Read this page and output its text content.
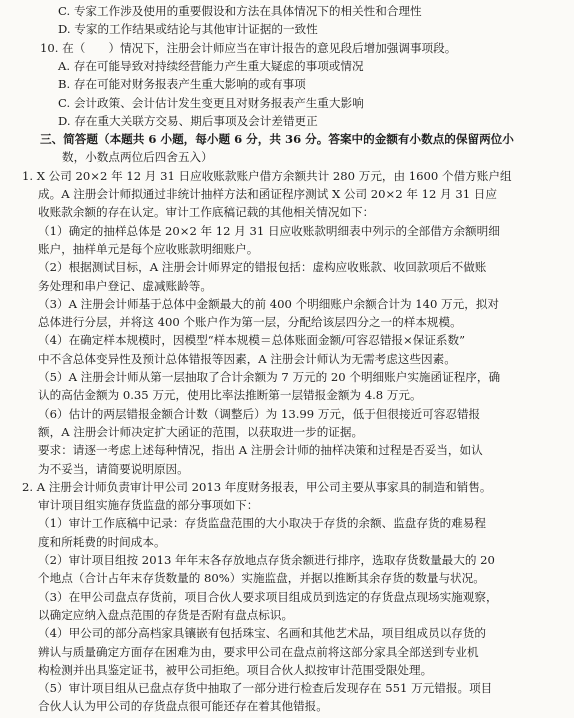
C. 专家工作涉及使用的重要假设和方法在具体情况下的相关性和合理性
D. 专家的工作结果或结论与其他审计证据的一致性
10. 在（　　）情况下，注册会计师应当在审计报告的意见段后增加强调事项段。
A. 存在可能导致对持续经营能力产生重大疑虑的事项或情况
B. 存在可能对财务报表产生重大影响的或有事项
C. 会计政策、会计估计发生变更且对财务报表产生重大影响
D. 存在重大关联方交易、期后事项及会计差错更正
三、简答题（本题共 6 小题，每小题 6 分，共 36 分。答案中的金额有小数点的保留两位小
数，小数点两位后四舍五入）
1. X 公司 20×2 年 12 月 31 日应收账款账户借方余额共计 280 万元，由 1600 个借方账户组
成。A 注册会计师拟通过非统计抽样方法和函证程序测试 X 公司 20×2 年 12 月 31 日应
收账款余额的存在认定。审计工作底稿记载的其他相关情况如下：
（1）确定的抽样总体是 20×2 年 12 月 31 日应收账款明细表中列示的全部借方余额明细
账户，抽样单元是每个应收账款明细账户。
（2）根据测试目标，A 注册会计师界定的错报包括：虚构应收账款、收回款项后不做账
务处理和串户登记、虚减账龄等。
（3）A 注册会计师基于总体中金额最大的前 400 个明细账户余额合计为 140 万元，拟对
总体进行分层，并将这 400 个账户作为第一层，分配给该层四分之一的样本规模。
（4）在确定样本规模时，因模型“样本规模＝总体账面金额/可容忍错报×保证系数”
中不含总体变异性及预计总体错报等因素，A 注册会计师认为无需考虑这些因素。
（5）A 注册会计师从第一层抽取了合计余额为 7 万元的 20 个明细账户实施函证程序，确
认的高估金额为 0.35 万元，使用比率法推断第一层错报金额为 4.8 万元。
（6）估计的两层错报金额合计数（调整后）为 13.99 万元，低于但很接近可容忍错报
额，A 注册会计师决定扩大函证的范围，以获取进一步的证据。
要求：请逐一考虑上述每种情况，指出 A 注册会计师的抽样决策和过程是否妥当，如认
为不妥当，请简要说明原因。
2. A 注册会计师负责审计甲公司 2013 年度财务报表，甲公司主要从事家具的制造和销售。
审计项目组实施存货监盘的部分事项如下：
（1）审计工作底稿中记录：存货监盘范围的大小取决于存货的余额、监盘存货的难易程
度和所耗费的时间成本。
（2）审计项目组按 2013 年年末各存放地点存货余额进行排序，选取存货数量最大的 20
个地点（合计占年末存货数量的 80%）实施监盘，并据以推断其余存货的数量与状况。
（3）在甲公司盘点存货前，项目合伙人要求项目组成员到选定的存货盘点现场实施观察，
以确定应纳入盘点范围的存货是否附有盘点标识。
（4）甲公司的部分高档家具镶嵌有包括珠宝、名画和其他艺术品，项目组成员以存货的
辨认与质量确定方面存在困难为由，要求甲公司在盘点前将这部分家具全部送到专业机
构检测并出具鉴定证书，被甲公司拒绝。项目合伙人拟按审计范围受限处理。
（5）审计项目组从已盘点存货中抽取了一部分进行检查后发现存在 551 万元错报。项目
合伙人认为甲公司的存货盘点很可能还存在着其他错报。
